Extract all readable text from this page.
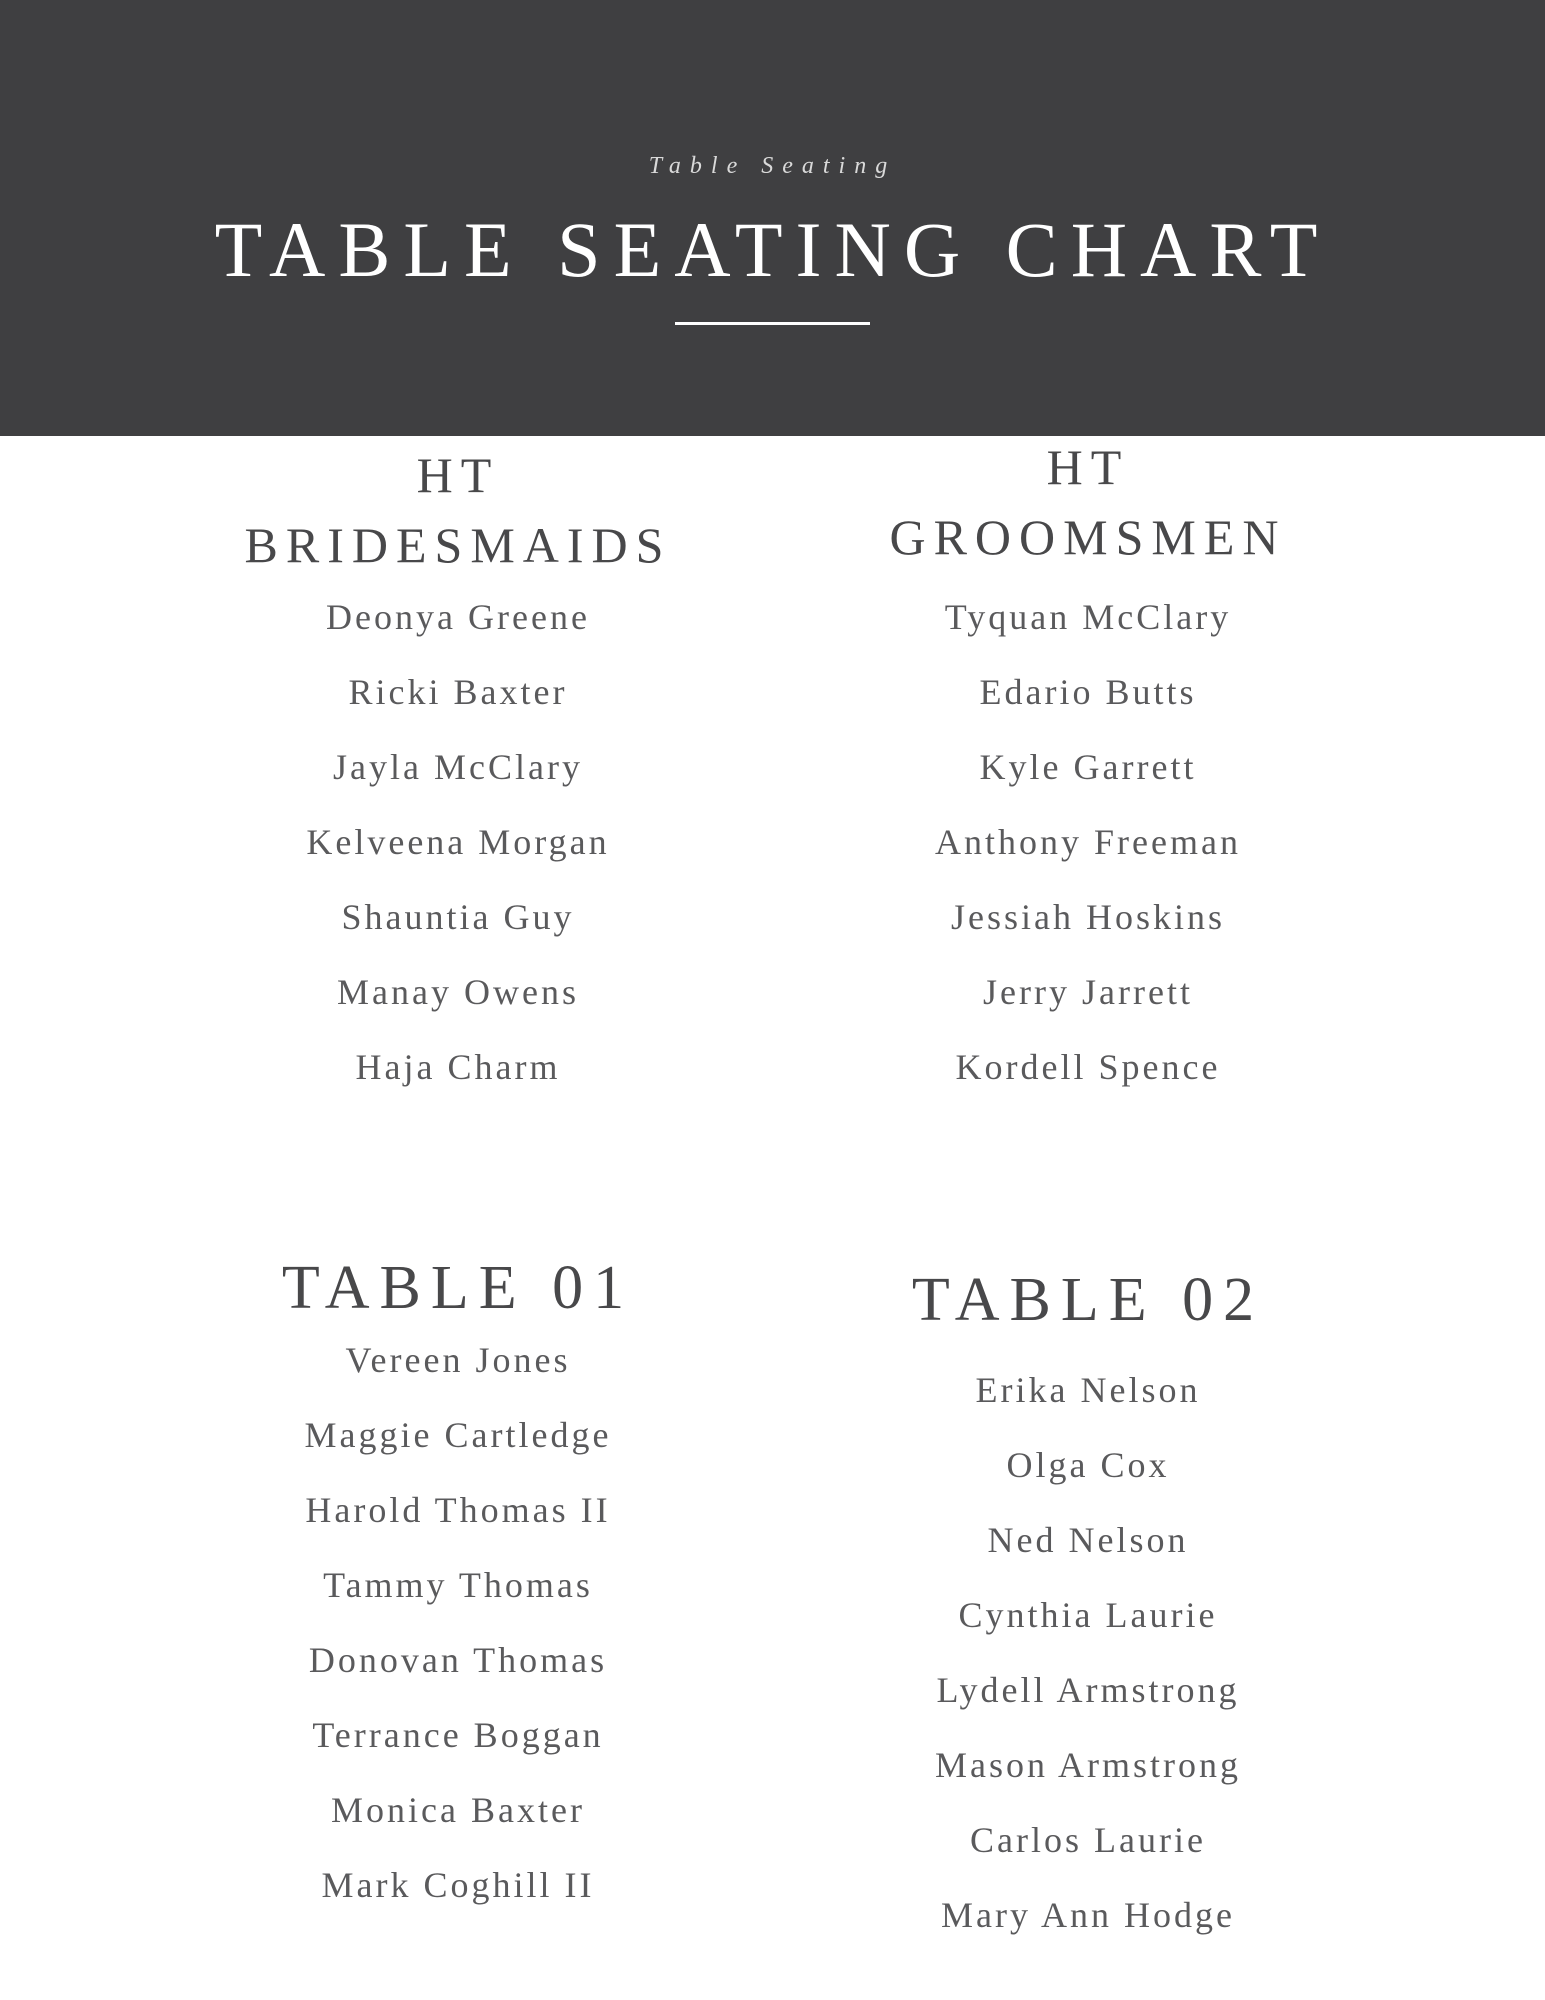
Table Seating
TABLE SEATING CHART
HT
BRIDESMAIDS
Deonya Greene
Ricki Baxter
Jayla McClary
Kelveena Morgan
Shauntia Guy
Manay Owens
Haja Charm
HT
GROOMSMEN
Tyquan McClary
Edario Butts
Kyle Garrett
Anthony Freeman
Jessiah Hoskins
Jerry Jarrett
Kordell Spence
TABLE 01
Vereen Jones
Maggie Cartledge
Harold Thomas II
Tammy Thomas
Donovan Thomas
Terrance Boggan
Monica Baxter
Mark Coghill II
TABLE 02
Erika Nelson
Olga Cox
Ned Nelson
Cynthia Laurie
Lydell Armstrong
Mason Armstrong
Carlos Laurie
Mary Ann Hodge
